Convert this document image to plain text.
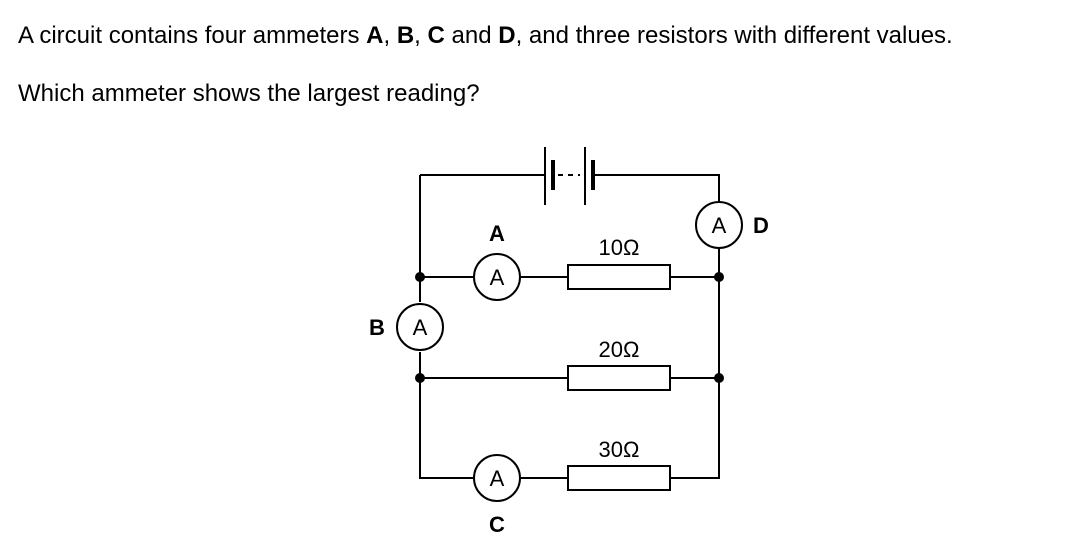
A circuit contains four ammeters A, B, C and D, and three resistors with different values.

Which ammeter shows the largest reading?

10Ω
20Ω
30Ω
A
A
A
B
A
C
A D
